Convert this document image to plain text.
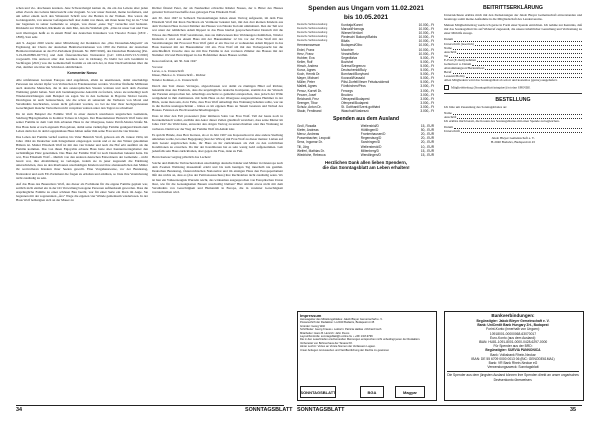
schen und vie- abschauen konnten. Jene Schwarzbeigel kamen da, die ein das Lebens alter jeden edlen Zweck des Lebens hinterweicht oder ringsum. So war unser Zustand, meine Großeltern, und um selber einem noch den Winterzeit Schrift now die Heiden in der Wolken. Das waren die Goldengesicht, von unserer Gefangenschaft aber damit von ihnen, um ihren heute Tag ist da.* Und nur begannen in seiner Gemeinde so adagen, was dieser „neue Tag" versuchte und bedeutet. Rückkehr zur Wahrheit, Rückkehr zu dem Mut, den die Wahrheit gibt. „Dies ist unser Gut und Treu weit übertragen heißt es in einem Brief des deutschen Klassikers von Theodor Fontes (1819 - 1898), Satz sehr.

Am 9. August 2020 wurde unter Mitwirkung der Redaktion des „Das Donaubuk-Magazin" als Ergänzung der Charta der deutschen Heimatvertriebenen von 1950 die Petition der deutschen Heimatvertriebenen an das EU-Parlament (Dokum. Nr. 0987/2020), des Deutschen Bundestag (Pet. 3-19-06-06899-027721) und dem Österreichischen Nationalrat (GZ: 10014.0105/13-V/2020) vorgestellt. Die Antwort aller drei Gremien war in Ordnung. Es bleibt bei sich bestimmt in Sachfragen (2021) was die Gemeinschaft Kommt es um sich der, in ihrer Dachverbänden über die Ziel, darüber wie über die Schicksal- sämtlichkeit.

Kommentar Nonzu

Alle umfahrenen Grenzen Europas sind angefahren, allein zu unermessen, damit unschuldige Personen nie wieder Opfer von Verbrechen in Friedenszeiten werden. Von über fünfzehn Millionen auch deutsche Menschen, die in den osteuropäischen Staaten wohnen und auch dem Zweiten Weltkrieg gelebt haben. Statt sich beziehungsweise Autorität zu fordern, wieso sie unbedingt nach Wiedereinrichtungen zum Beispiel sie sagen Sie in den Gebieten in Bayerns Südost bereits. Dreichgaue ist auch beizurechnen, wie die schon ab seinerzeit die Verlieren von Moral und Verständnis beschrieben, waren nicht gefordert worden, wo bei sie hier ihrer hochgepriesenen Gerechtigkeit manche Vertreibern nicht verspüren wahren unter den Tagrat zu schreiben!

Da ist zum Beispiel die Familie Wolf in einer deutsch unsicheren ungarischen Gemeinde, Salzburg/Hajósgütsellek in Komitat Tolnau in Ungarn. Der Bauernmeister Heinrich Wolf hatte mit seiner Familie in dem vom ihm erbauten Haus in der Obergasse, heute Petőfi-Sándor-Straße 84. Das Haus hatte er nach eigenem Plan gebaut, damit seine vielköpfige Familie genügend Raum zum Leben darin hat. In dem Lageplanhaus Haus hätten außer ihm seine Frau und die vier Kinder.

Das Leben der Familie verlief normal, bis Valer Heinrich Wolf, geboren am 29. Januar 1904, im Jahre 1944 als Deutscher zum Kriegsdienst eingezogen wurde und er sie den Winter gekommen Bältern ist. Mutter Elisabeth Wolf ist mit den vier Kinder und nach die Hof erbt ausführt als die Familie kommen. Das von ihnen Enjoyable erbaute Haus hatte aber Kenntenvertagsbeiter den rechtmäßigen Platz genommen. Das Haus der Familie Wolf ist noch Deutschen bekannt hatte. Da war, Frau Elisabeth Wolf – ähnlich von den anderen deutschen Einwohnern der Gemeinde – nicht bereit war, ihre Abstimmung zu verlangen, indem sie in jener zugesandt die Erklärung unterschrieben, dass zu den überbauten unschuldigen Kindern und ihre abenteuerlichen den Mütter ihr wertvolleren Kindern ihrer Seelen gewollt. Eine Vorgehensweise, vor der Bundestag, Nationalrat und auch EU-Parlament die fragen zu erhalten und erklären, so löste ihre Vereinbarung nicht zuständig zu sein.

Auf das Haus des Bauerelters Wolf, des dieser als Fachmann für die eigene Familie geplant war, zeitlich nicht einmal ein in der Ort Verwaltung bezogene Personen aufmerksam geworden. Dass die ursprüngliche Familie zu einer schönen Bau beerbt, war für einer Serie ein Dorn im Auge. Sie begannen mit der sogenannten „Ära" Wege die eigenen vier Wände gemeinsam wiederlosen. In der Haus Wolf belästigten sich an der Mauer zu

Richter fünstel Peter, der als Neubeziher erbrachte Ränder Nasses, der ä. Bitter des Hauses getrennt Teil und beschaffte dass geborgen Frau Elisabeth Wolf.

Am 30. Juni 1947 in Selbesch Veranstaltungen haben einen Vertrag aufgesetzt, im dem Frau Elisabeth Wolf mit ihren Nachbarn als Vermieter bekannt hatt, mit den drei kleinen Kindern aus dem Vorderen Haus in zwei Zimmer des Hauses von Nándor Kolonit ummulsiert. Den der Teil war war unter der nämlichen Adam Rippert in das Haus hierbei gesprochen.Paulat Deutsch mit die Whose des Heinrich Wolf vereinbaren, dass sie mitbewiesen ihre Wohnungen räumlichen, Nándor Kistlerin 2 wird aus einem Haus mit der Hausnummer 12 bis vor der Frau Wolf mit der Vereinbarungen mit Frau und Frau Wolf gehrt er ein liwe tut er wohnenden Adam Rippert in das Haus Kentessl mit der Hausnummer 102 ein. Frau Wolf stil mit den Vorhergesucht hat die entschließlich Ursache dass sie mit Ihre Familie in den vorderen Zimmer des Hauses mit der Nummer 102 und Hern Rippert in das Hofzimmer dieses Hauses wolhnt.

Keaocsssfzeval, am 30. Juni 1947

Vor uns:
Léces, a. k. Unterschrift
Imsee, Helen e. h. Unterschrift – Richter
Nándor Kolnkes, e. h. Unterschrift

Durch den Text dieses Vertrages, abgeschlossen war damit zu räumigen Hätel auf Richter, bekommt man den Eindruck, dass die ursprüngliche deutsche Kompanie, stammt dos der Wunsch der Parteien entsprochen hat. Allerdings erscheint so gemeldet entsprechen, dass jedoch der Wille weitgehend in ihm dominieren. mit beim Haus an der Obergasse ausgenommene Hummer in der Blick, wenn man sein, da in Falle, dass Frau Wolf unbedingt ihre Wohnung behalten sollte, war sie in die Rechte uneingeschränkt – hättea es im eigenen Haus an Tenem besatzen und Nebsel des Hauses. Feinsten zu Hochvesseblechtbedingungen.

Dass ist über den Fall prozessiert (hier mittleren Sohn von Frau Wolf. Vall der heute noch in Kecskemétszeli wohnt, erzählte den Autor dieser Zeilen glaubhaft versichert, dass seine Mutter im Jahre 1947 die Wahl hatte, entweder den obigen Vertrag zu unterschreiben oder ihre Wohnung ist verlieren. Damit war der Weg der Familie Wolf im Anhalt klar.

Es spricht Bände, dass Herr Kertesz, als er in Jahr 1967 aus Kapossalzout in eine andere Siedlung umziehen wollte, bei einer Begegnung (laut der Witwe) mit Frau Wolf zu dieser meinte: Lieben auf dem Gesetz angebrochen halte, ihr Haus an ihr zurücklassen als Zeil zu den rechtlichen Konditionen zu erwerben. Da mir der Konditionen hat es sein wenig Geld aufgenommen. Gab jedenfalls sein Haus zurückbohen, aber gegen die Frau, dann zu Fuß.

Herrn Kertesz verging plötzlich das Lachen!

Solche und ähnliche Verbrechen haben unschuldige deutsche Kinder und Mütter in Osteuropa nach dem Zweiten Weltkrieg massenhaft erlebt und bis zum heutigen Tag innerhalb nie gesühnt. Deutschen Bundestag, Österreichischen Nationalrat und im einzigen Haus den Europaparlament läßt das nichts an, dass es (das der Petitionsausschuss) ihre Rechtsleben nicht zuständig seien. Wo ist hier ein Volkserzeugnis Wurzeln reicht, das wirksamen ausgesprochen von Europäischen Union lässt, wie für die Genauigkeiten Bauern unschuldig bleiben? Hier stimmt etwas nicht mit dem Verständnis von Gerechtigkeit und Humanität in Europa, die in vereinter Gerechtigkeit vorzuschreiben wird.

34	SONNTAGSBLATT
Spenden aus Ungarn vom 11.02.2021
bis 10.05.2021
Deutsche Selbstverwaltung	Kunbaja/Kunmi	10.000,- Ft
Deutsche Selbstverwaltung	Marcali/Homogs	10.000,- Ft
Deutsche Selbstverwaltung	Wiener/Veröcel	10.000,- Ft
Deutsche Selbstverwaltung	Piedesch/ Bakonyi/Babks	10.000,- Ft
Deutsche Selbstverwaltung	Bikáls	10.000,- Ft
Hernesmaveson	Budapest/Olbo	10.000,- Ft
Erdei, Franz	Moorbier	10.000,- Ft
Herz, Franz	Vecsés/Betz	10.000,- Ft
Hubber, Eva	Segedfalva	5.000,- Ft
Keller, Rolf	Bozishel	5.000,- Ft
Hirsch, Andrea	Szirma/Segrenzo	5.000,- Ft
Kurcz, Agnes	Deutschenkil/Buly	5.000,- Ft
Koch, Henrik Dr.	Bornhard/Bonyhard	5.000,- Ft
Mayer, Michael	Kocsrall/Kassald	5.000,- Ft
Müller, Peter	Pilisi-Dorfell/Veser Felsdszoldendi	5.000,- Ft
Malleti, Agnes	Fünfkirchen/Pécs	3.000,- Ft
Pencz, Kornél Dr.	Fenorgs	3.000,- Ft
Peczer, Josef	Bruckeu	3.000,- Ft
Reichardt, Frnz	Oferapest/Budapest	3.000,- Ft
Seenger, Tibor	Ofenpest/Budapest	3.000,- Ft
Schulz, Anton Dr.	St. Gotthard/Szent-gotthárd	3.000,- Ft
Staub, Ferdinand	Waschud/Vaskeszó	3.000,- Ft
Spenden aus dem Ausland
Groll, Rosalia	Weilersbid/D	15,- EUR
Kiefer, Andreas	Hüttlingen/D	50,- EUR
Mercz, Andreas	Frontenhausen/D	20,- EUR
Possenbacher, Leopold	Regensburg/D	20,- EUR
Senz, Ingomar Dr.	Sarchingen/D	20,- EUR
Till, Jörg	Weilerstreck/D	10,- EUR
Weiferl, Mathias Dr.	Miltenberg/D	15,- EUR
Wiedriche, Rebecca	Wendlingen/D	15,- EUR
Herzlichen Dank allen lieben Spendern,
die das Sonntagsblatt am Leben erhalten!
BEITRITTSERKLÄRUNG

Unterzeichnete erkläre mich mit den Zielsetzungen der Jakob Bleyer Gemeinschaft einverstanden und beantrage somit meine Aufnahme in die Mitgliedschaft des Landesvereins.

Meinen Mitgliedsbeitrag werde ich gerne in Form einer Spende entrichten. Ich nehme zur Kenntnis, daß mir das Sonntagsblatt bis auf Widerruf zugesandt, die unsere inhaltlicher Gestaltung und Verbreitung zu einer Mithilfe zusage.

Datum
Unterschrift (leserlich)
Name
Anschrift
Tel
E-Post (E-mail) nehmen
Geburtsort u. Datum
Abstammungsort/Herkunftsort
Beruf
Lesezeit/Hobby

Allen Mitgliedern wird das Sonntagsblatt ab sofort und kostenlos (gerne) ausgeliefert.

Mitgliedsbeitrag (Sonntagsblatt integriert) ist eine SPENDE

BESTELLUNG

Ich bitte um Zusendung des Sonntagsblattes an:

Name
Anschrift

Ich erkläre mich bereit, die Kosten des Sonntagsblattes mit einer Spende zu begleichen.

Datum
Unterschrift

Jakob Bleyer Gemeinschaft e. V.
H-2040 Budaörs, Budapesti út 45

Impressum
Herausgeber des Mitteilungsblattes: Jakob Bleyer Gemeinschaft e. V.
Postanschrift der Redaktion: H-2040 Budaörs, Budapesti út 45
Gründer: Georg Wild
Schriftleiter: Georg Krauss • Lektorin: Patricia Haldas • Richard Guth
Mitarbeiter: Hans B. Henrich: Jahn Pevos
Layout/Kontrolle: sonntagsblatt@t-online.hu • +36/ 1/18-9796
Die in den Leserbriefen erscheinenden Meinungen entsprechen nicht unbedingt jenen der Redaktion.
Vorbereitet von Bohnenhaus der Tanaca Kft.
Hinter Lechnr: Vortex an Vorste Nonnen der Verfassers Lugsen.
Unser Anliegen ist Aussehen und Veröffentlichung der Rechte zu gewinnen
SONNTAGSBLATT	BGA	Magyar
Bankverbindungen:
Begünstigter: Jakob Bleyer Gemeinschaft e. V.
Bank: UniCredit Bank Hungary Zrt., Budapest
Forint-Konto (innerhalb von Ungarn):
10918001-00000068-63070017
Euro-Konto (aus dem Ausland):
IBAN: HU81-1091-8001-0000-0428-6297-0000
Für Spender aus der BRD:
Begünstigter: SUEVIA PANNONICA
Bank: Volksbank Rhein-Neckar
IBAN: DE 55 6709 0000 0013 06 (BIC: GENODE61MA1)
Bank: VR Bank Rhein-Neckar eG
Verwendungszweck: Sonntagsblatt
Die Spender aus dem jüngsten Ausland können ihre Spenden direkt an unser ungarisches Devisenkonto überweisen.
SONNTAGSBLATT	35
